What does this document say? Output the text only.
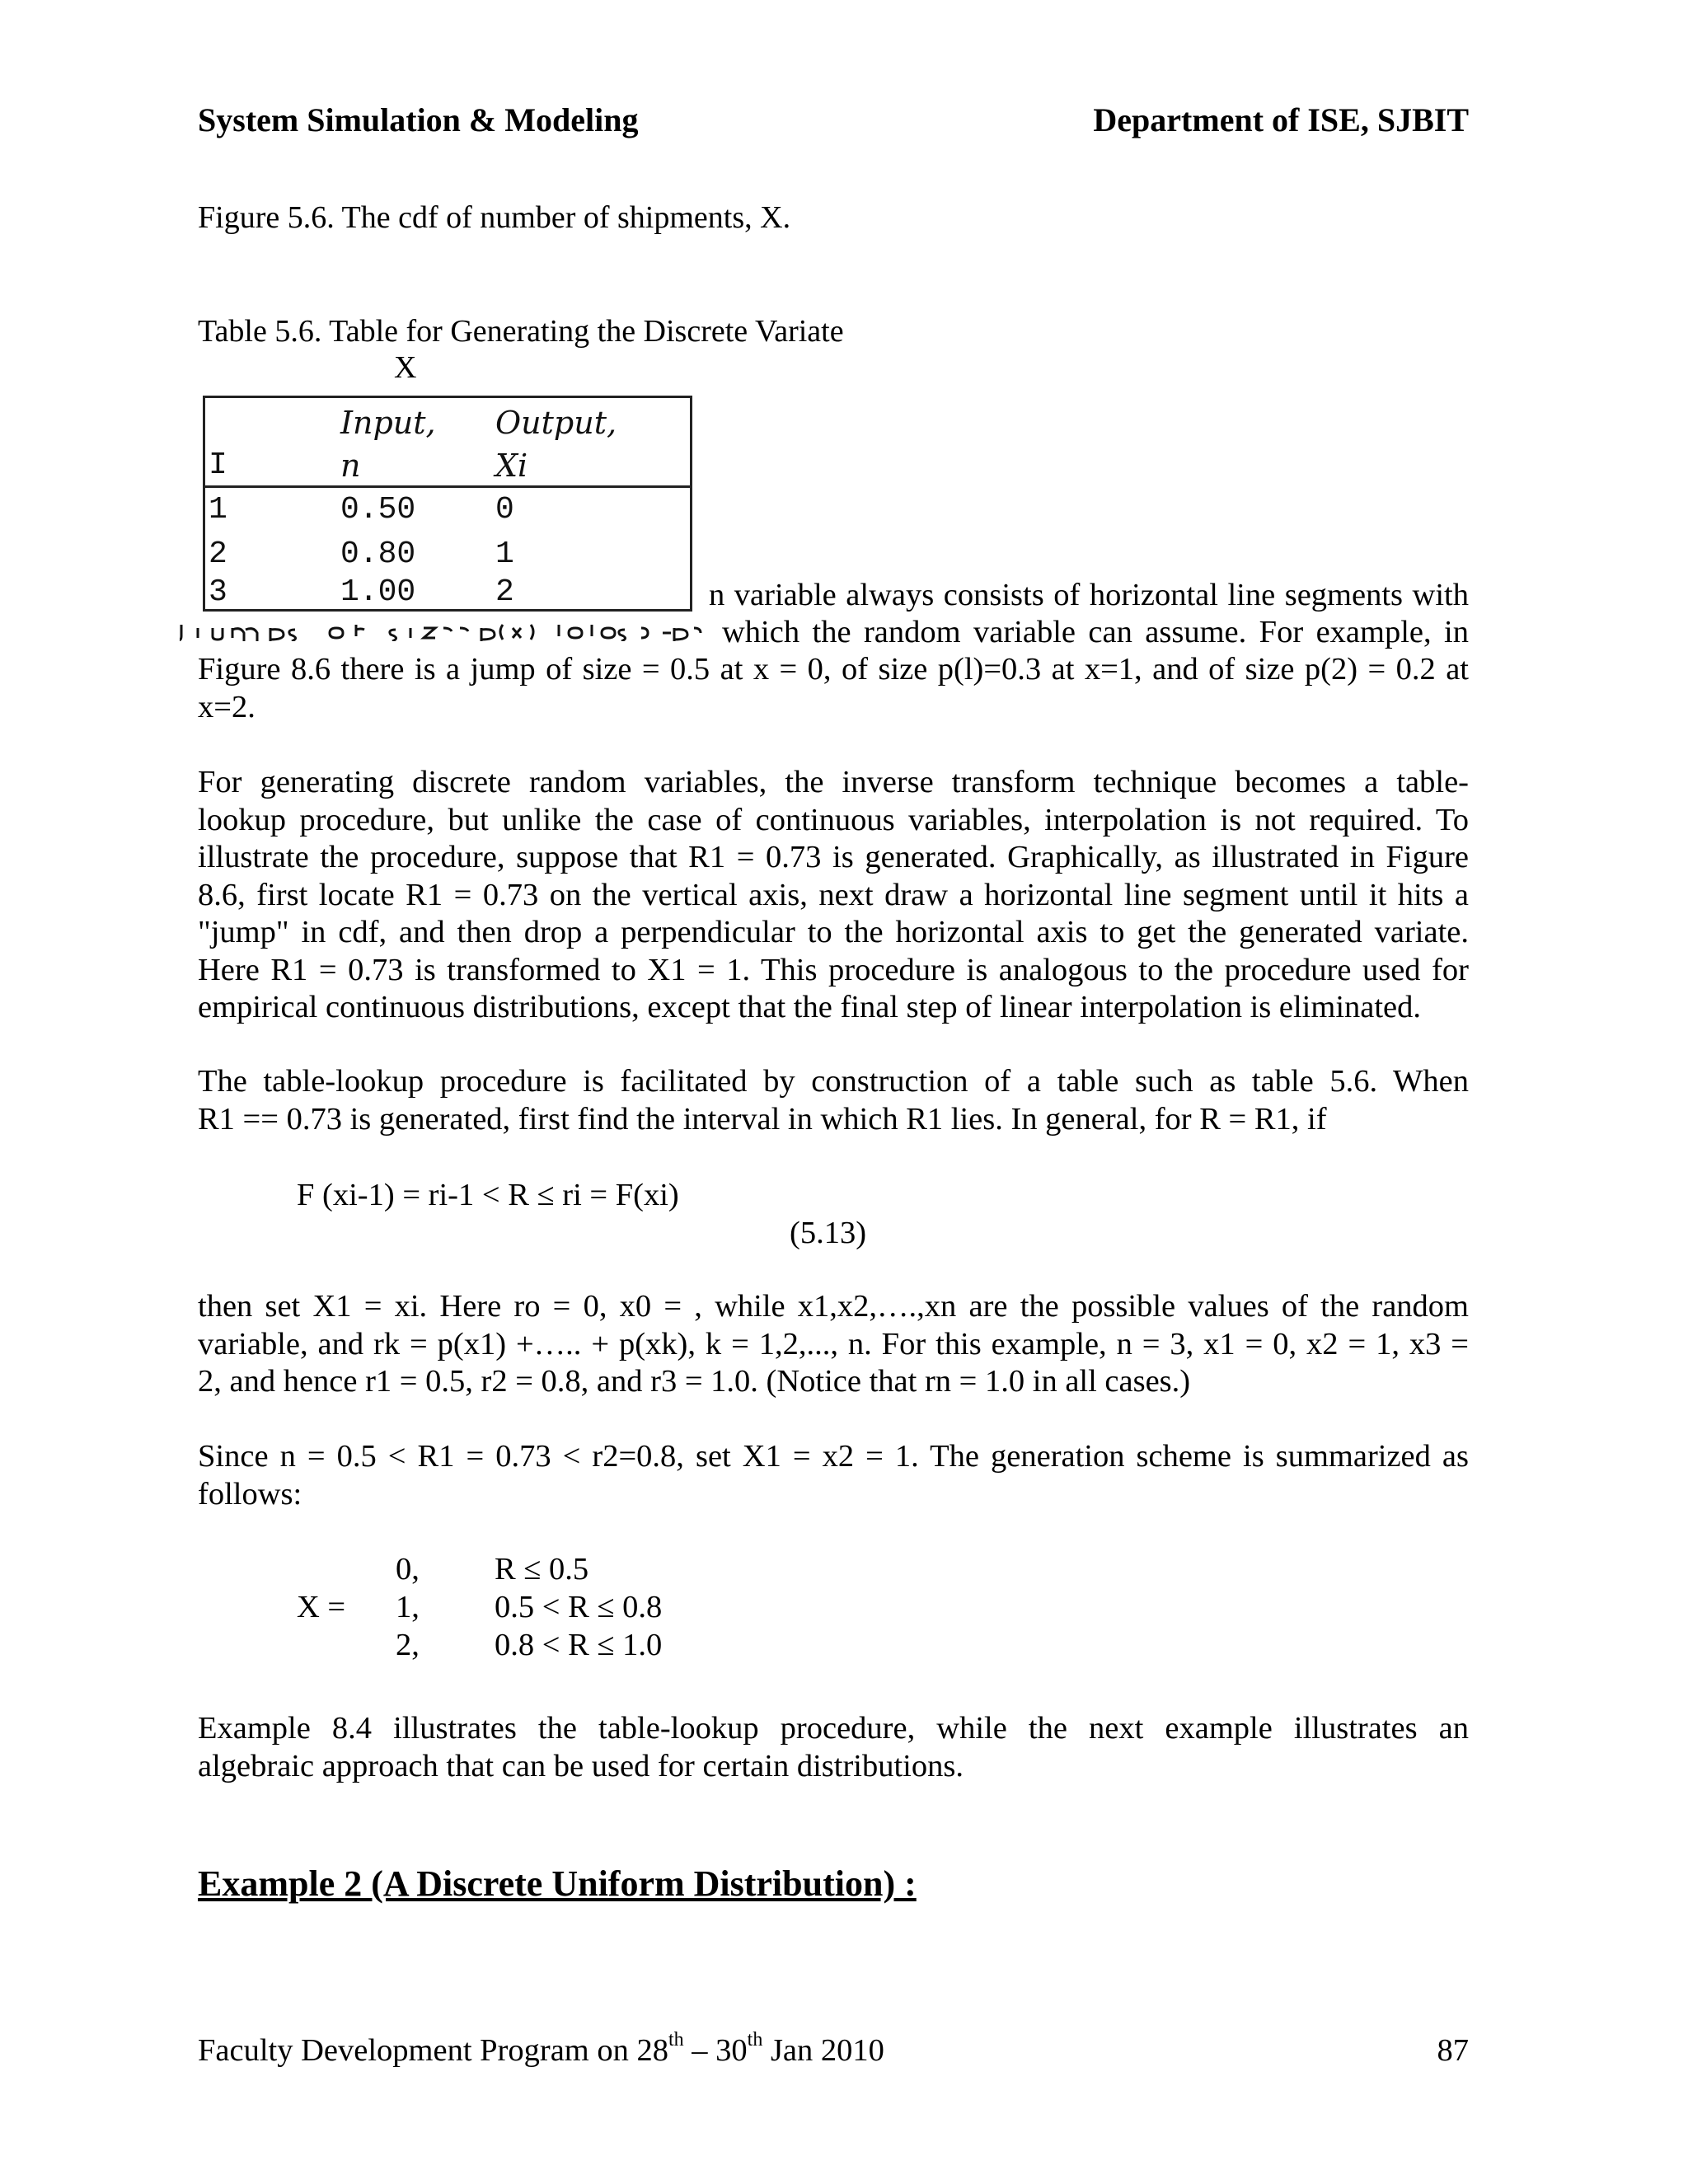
System Simulation & Modeling	Department of ISE, SJBIT
Figure 5.6. The cdf of number of shipments, X.
Table 5.6. Table for Generating the Discrete Variate
X
Input, Output,
I	n	Xi
1	0.50	0
2	0.80	1
3	1.00	2	n variable always consists of horizontal line segments with
which the random variable can assume. For example, in
Figure 8.6 there is a jump of size = 0.5 at x = 0, of size p(l)=0.3 at x=1, and of size p(2) = 0.2 at
x=2.
For generating discrete random variables, the inverse transform technique becomes a table-
lookup procedure, but unlike the case of continuous variables, interpolation is not required. To
illustrate the procedure, suppose that R1 = 0.73 is generated. Graphically, as illustrated in Figure
8.6, first locate R1 = 0.73 on the vertical axis, next draw a horizontal line segment until it hits a
"jump" in cdf, and then drop a perpendicular to the horizontal axis to get the generated variate.
Here R1 = 0.73 is transformed to X1 = 1. This procedure is analogous to the procedure used for
empirical continuous distributions, except that the final step of linear interpolation is eliminated.
The table-lookup procedure is facilitated by construction of a table such as table 5.6. When
R1 == 0.73 is generated, first find the interval in which R1 lies. In general, for R = R1, if
F (xi-1) = ri-1 < R ≤ ri = F(xi)
(5.13)
then set X1 = xi. Here ro = 0, x0 = , while x1,x2,….,xn are the possible values of the random
variable, and rk = p(x1) +….. + p(xk), k = 1,2,..., n. For this example, n = 3, x1 = 0, x2 = 1, x3 =
2, and hence r1 = 0.5, r2 = 0.8, and r3 = 1.0. (Notice that rn = 1.0 in all cases.)
Since n = 0.5 < R1 = 0.73 < r2=0.8, set X1 = x2 = 1. The generation scheme is summarized as
follows:
X =
0, R ≤ 0.5
1, 0.5 < R ≤ 0.8
2, 0.8 < R ≤ 1.0
Example 8.4 illustrates the table-lookup procedure, while the next example illustrates an
algebraic approach that can be used for certain distributions.
Example 2 (A Discrete Uniform Distribution) :
Faculty Development Program on 28th – 30th Jan 2010	87
